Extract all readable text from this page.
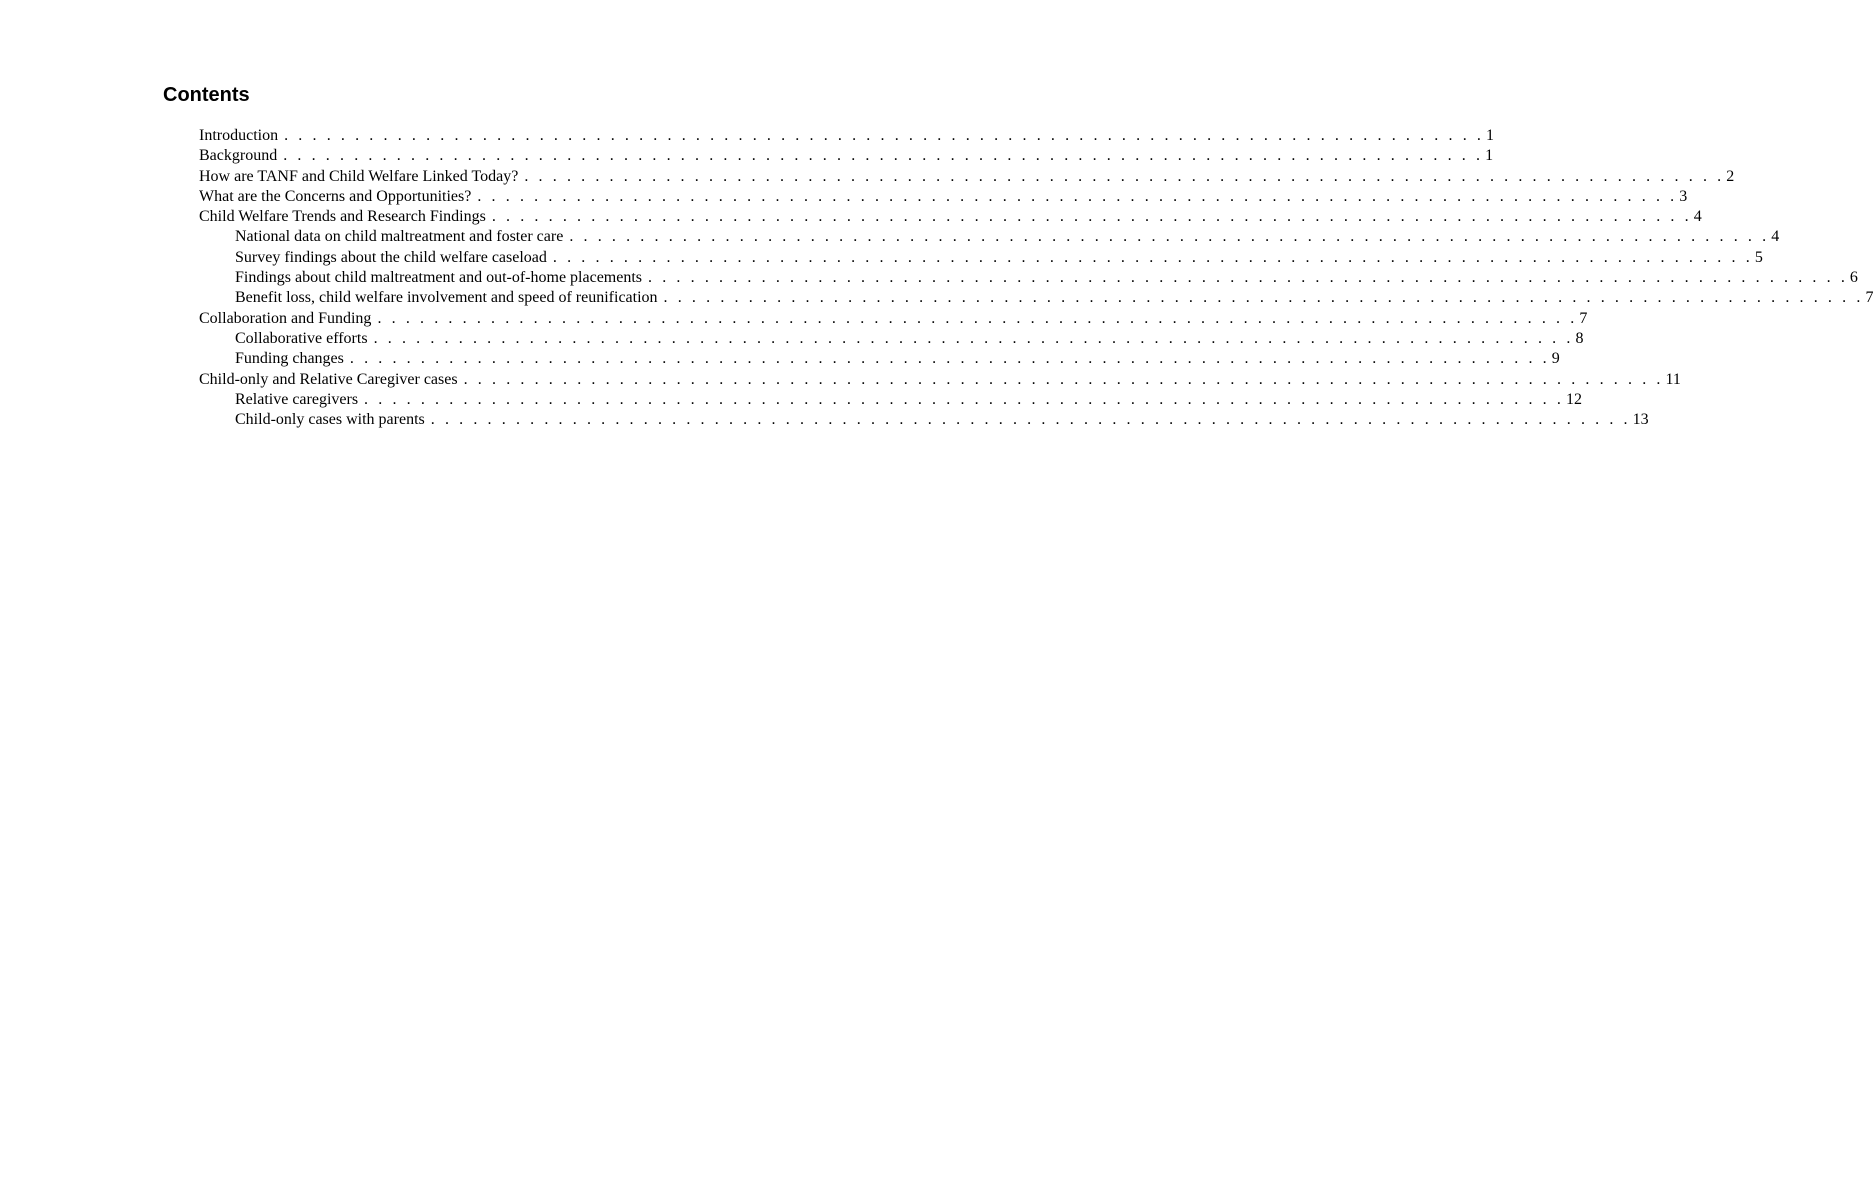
Contents
Introduction . . . . . . . . . . . . . . . . . . . . . . . . . . . . . . . . . . . . . . . . . . . . . . . . . . . . . . . . . . . . . . . . . . . . . . . . . . . . . . . . . . . . . 1
Background . . . . . . . . . . . . . . . . . . . . . . . . . . . . . . . . . . . . . . . . . . . . . . . . . . . . . . . . . . . . . . . . . . . . . . . . . . . . . . . . . . . . . 1
How are TANF and Child Welfare Linked Today? . . . . . . . . . . . . . . . . . . . . . . . . . . . . . . . . . . . . . . . . . . . . . . . . . . . . . . . . . . . . . . . . . . . . . . . . . . . . . . . . . . . . . 2
What are the Concerns and Opportunities? . . . . . . . . . . . . . . . . . . . . . . . . . . . . . . . . . . . . . . . . . . . . . . . . . . . . . . . . . . . . . . . . . . . . . . . . . . . . . . . . . . . . . 3
Child Welfare Trends and Research Findings . . . . . . . . . . . . . . . . . . . . . . . . . . . . . . . . . . . . . . . . . . . . . . . . . . . . . . . . . . . . . . . . . . . . . . . . . . . . . . . . . . . . . 4
National data on child maltreatment and foster care . . . . . . . . . . . . . . . . . . . . . . . . . . . . . . . . . . . . . . . . . . . . . . . . . . . . . . . . . . . . . . . . . . . . . . . . . . . . . . . . . . . . . 4
Survey findings about the child welfare caseload . . . . . . . . . . . . . . . . . . . . . . . . . . . . . . . . . . . . . . . . . . . . . . . . . . . . . . . . . . . . . . . . . . . . . . . . . . . . . . . . . . . . . 5
Findings about child maltreatment and out-of-home placements . . . . . . . . . . . . . . . . . . . . . . . . . . . . . . . . . . . . . . . . . . . . . . . . . . . . . . . . . . . . . . . . . . . . . . . . . . . . . . . . . . . . . 6
Benefit loss, child welfare involvement and speed of reunification . . . . . . . . . . . . . . . . . . . . . . . . . . . . . . . . . . . . . . . . . . . . . . . . . . . . . . . . . . . . . . . . . . . . . . . . . . . . . . . . . . . . . 7
Collaboration and Funding . . . . . . . . . . . . . . . . . . . . . . . . . . . . . . . . . . . . . . . . . . . . . . . . . . . . . . . . . . . . . . . . . . . . . . . . . . . . . . . . . . . . . 7
Collaborative efforts . . . . . . . . . . . . . . . . . . . . . . . . . . . . . . . . . . . . . . . . . . . . . . . . . . . . . . . . . . . . . . . . . . . . . . . . . . . . . . . . . . . . . 8
Funding changes . . . . . . . . . . . . . . . . . . . . . . . . . . . . . . . . . . . . . . . . . . . . . . . . . . . . . . . . . . . . . . . . . . . . . . . . . . . . . . . . . . . . . 9
Child-only and Relative Caregiver cases . . . . . . . . . . . . . . . . . . . . . . . . . . . . . . . . . . . . . . . . . . . . . . . . . . . . . . . . . . . . . . . . . . . . . . . . . . . . . . . . . . . . . 11
Relative caregivers . . . . . . . . . . . . . . . . . . . . . . . . . . . . . . . . . . . . . . . . . . . . . . . . . . . . . . . . . . . . . . . . . . . . . . . . . . . . . . . . . . . . . 12
Child-only cases with parents . . . . . . . . . . . . . . . . . . . . . . . . . . . . . . . . . . . . . . . . . . . . . . . . . . . . . . . . . . . . . . . . . . . . . . . . . . . . . . . . . . . . . 13
